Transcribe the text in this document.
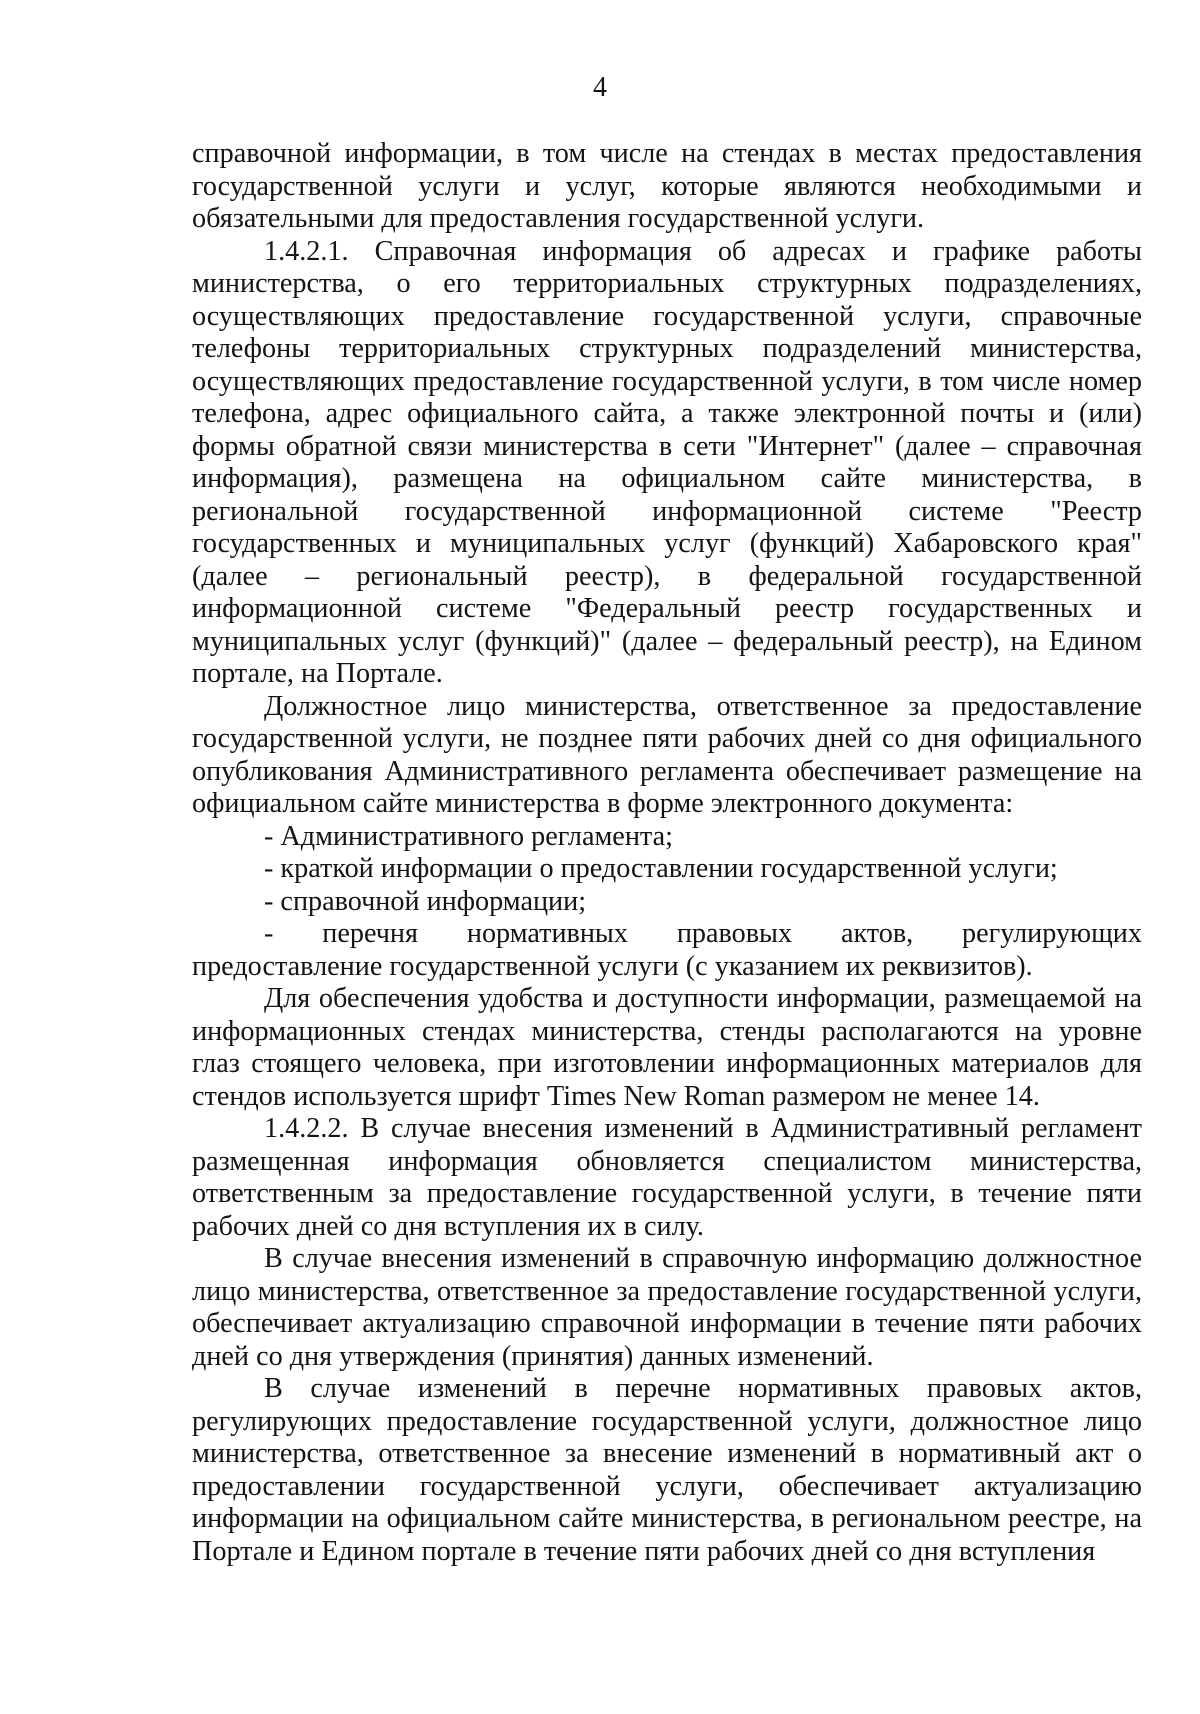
4

справочной информации, в том числе на стендах в местах предоставления государственной услуги и услуг, которые являются необходимыми и обязательными для предоставления государственной услуги.

1.4.2.1. Справочная информация об адресах и графике работы министерства, о его территориальных структурных подразделениях, осуществляющих предоставление государственной услуги, справочные телефоны территориальных структурных подразделений министерства, осуществляющих предоставление государственной услуги, в том числе номер телефона, адрес официального сайта, а также электронной почты и (или) формы обратной связи министерства в сети "Интернет" (далее – справочная информация), размещена на официальном сайте министерства, в региональной государственной информационной системе "Реестр государственных и муниципальных услуг (функций) Хабаровского края" (далее – региональный реестр), в федеральной государственной информационной системе "Федеральный реестр государственных и муниципальных услуг (функций)" (далее – федеральный реестр), на Едином портале, на Портале.

Должностное лицо министерства, ответственное за предоставление государственной услуги, не позднее пяти рабочих дней со дня официального опубликования Административного регламента обеспечивает размещение на официальном сайте министерства в форме электронного документа:

- Административного регламента;

- краткой информации о предоставлении государственной услуги;

- справочной информации;

- перечня нормативных правовых актов, регулирующих

предоставление государственной услуги (с указанием их реквизитов).

Для обеспечения удобства и доступности информации, размещаемой на информационных стендах министерства, стенды располагаются на уровне глаз стоящего человека, при изготовлении информационных материалов для стендов используется шрифт Times New Roman размером не менее 14.

1.4.2.2. В случае внесения изменений в Административный регламент размещенная информация обновляется специалистом министерства, ответственным за предоставление государственной услуги, в течение пяти рабочих дней со дня вступления их в силу.

В случае внесения изменений в справочную информацию должностное лицо министерства, ответственное за предоставление государственной услуги, обеспечивает актуализацию справочной информации в течение пяти рабочих дней со дня утверждения (принятия) данных изменений.

В случае изменений в перечне нормативных правовых актов, регулирующих предоставление государственной услуги, должностное лицо министерства, ответственное за внесение изменений в нормативный акт о предоставлении государственной услуги, обеспечивает актуализацию информации на официальном сайте министерства, в региональном реестре, на Портале и Едином портале в течение пяти рабочих дней со дня вступления
